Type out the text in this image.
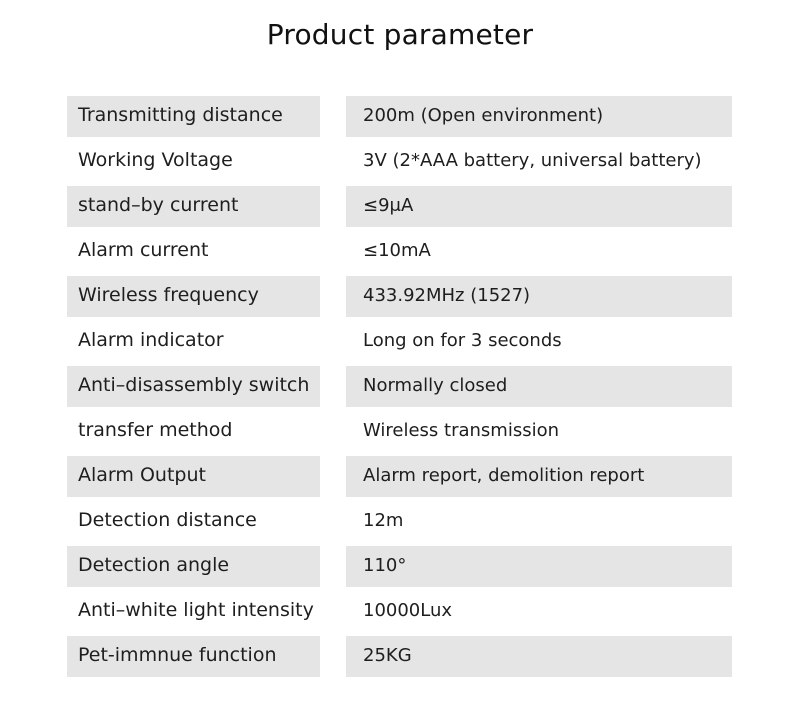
Product parameter
Transmitting distance	200m (Open environment)
Working Voltage	3V (2*AAA battery, universal battery)
stand–by current	≤9μA
Alarm current	≤10mA
Wireless frequency	433.92MHz (1527)
Alarm indicator	Long on for 3 seconds
Anti–disassembly switch	Normally closed
transfer method	Wireless transmission
Alarm Output	Alarm report, demolition report
Detection distance	12m
Detection angle	110°
Anti–white light intensity	10000Lux
Pet-immnue function	25KG
